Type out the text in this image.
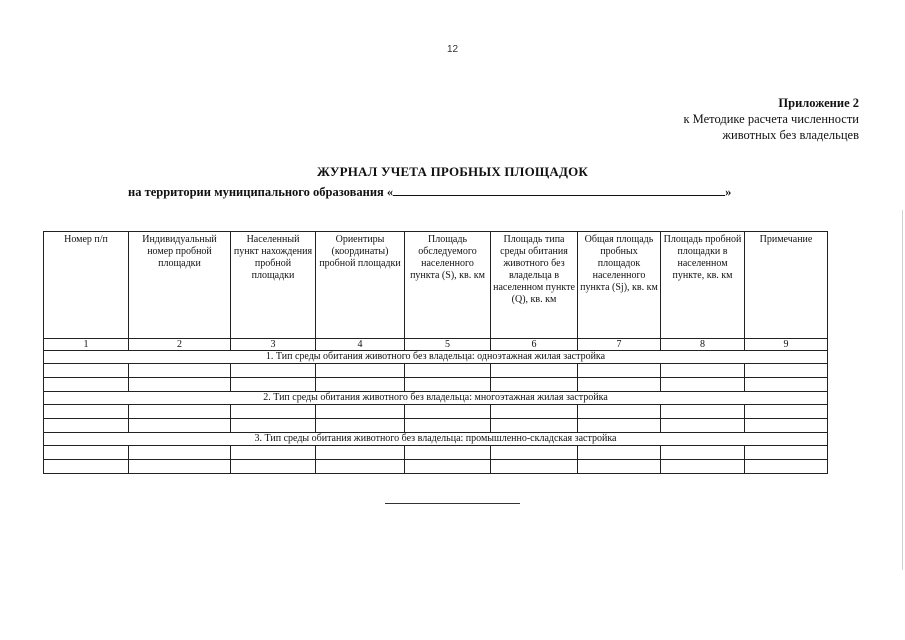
12
Приложение 2
к Методике расчета численности
животных без владельцев
ЖУРНАЛ УЧЕТА ПРОБНЫХ ПЛОЩАДОК
на территории муниципального образования «	»
Номер п/п	Индивидуальный номер пробной площадки	Населенный пункт нахождения пробной площадки	Ориентиры (координаты) пробной площадки	Площадь обследуемого населенного пункта (S), кв. км	Площадь типа среды обитания животного без владельца в населенном пункте (Q), кв. км	Общая площадь пробных площадок населенного пункта (Sj), кв. км	Площадь пробной площадки в населенном пункте, кв. км	Примечание
1	2	3	4	5	6	7	8	9
1. Тип среды обитания животного без владельца: одноэтажная жилая застройка								

2. Тип среды обитания животного без владельца: многоэтажная жилая застройка								

3. Тип среды обитания животного без владельца: промышленно-складская застройка								
